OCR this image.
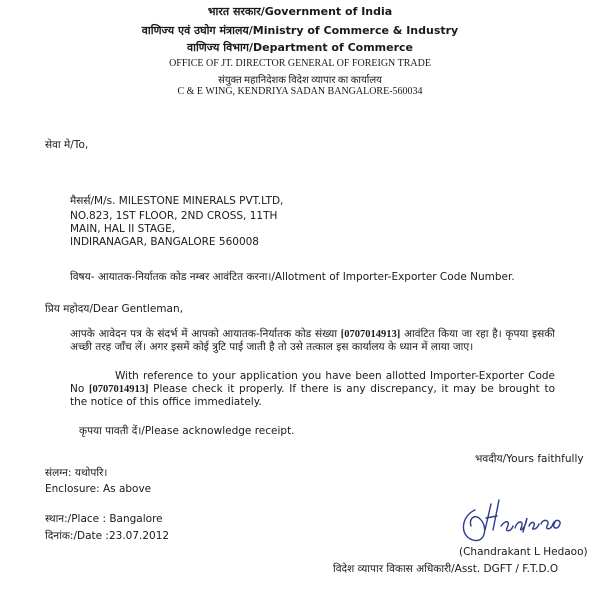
भारत सरकार/Government of India
वाणिज्य एवं उघोग मंत्रालय/Ministry of Commerce & Industry
वाणिज्य विभाग/Department of Commerce
OFFICE OF JT. DIRECTOR GENERAL OF FOREIGN TRADE
संयुक्त महानिदेशक विदेश व्यापार का कार्यालय
C & E WING, KENDRIYA SADAN BANGALORE-560034
सेवा मे/To,
मैसर्स/M/s. MILESTONE MINERALS PVT.LTD,
NO.823, 1ST FLOOR, 2ND CROSS, 11TH
MAIN, HAL II STAGE,
INDIRANAGAR, BANGALORE 560008
विषय- आयातक-निर्यातक कोड नम्बर आवंटित करना।/Allotment of Importer-Exporter Code Number.
प्रिय महोदय/Dear Gentleman,
आपके आवेदन पत्र के संदर्भ में आपको आयातक-निर्यातक कोड संख्या [0707014913] आवंटित किया जा रहा है। कृपया इसकी अच्छी तरह जाँच लें। अगर इसमें कोई त्रुटि पाई जाती है तो उसे तत्काल इस कार्यालय के ध्यान में लाया जाए।
With reference to your application you have been allotted Importer-Exporter Code No [0707014913] Please check it properly. If there is any discrepancy, it may be brought to the notice of this office immediately.
कृपया पावती दें।/Please acknowledge receipt.
भवदीय/Yours faithfully
संलग्न: यथोपरि।
Enclosure: As above
स्थान:/Place : Bangalore
दिनांक:/Date :23.07.2012
(Chandrakant L Hedaoo)
विदेश व्यापार विकास अधिकारी/Asst. DGFT / F.T.D.O
